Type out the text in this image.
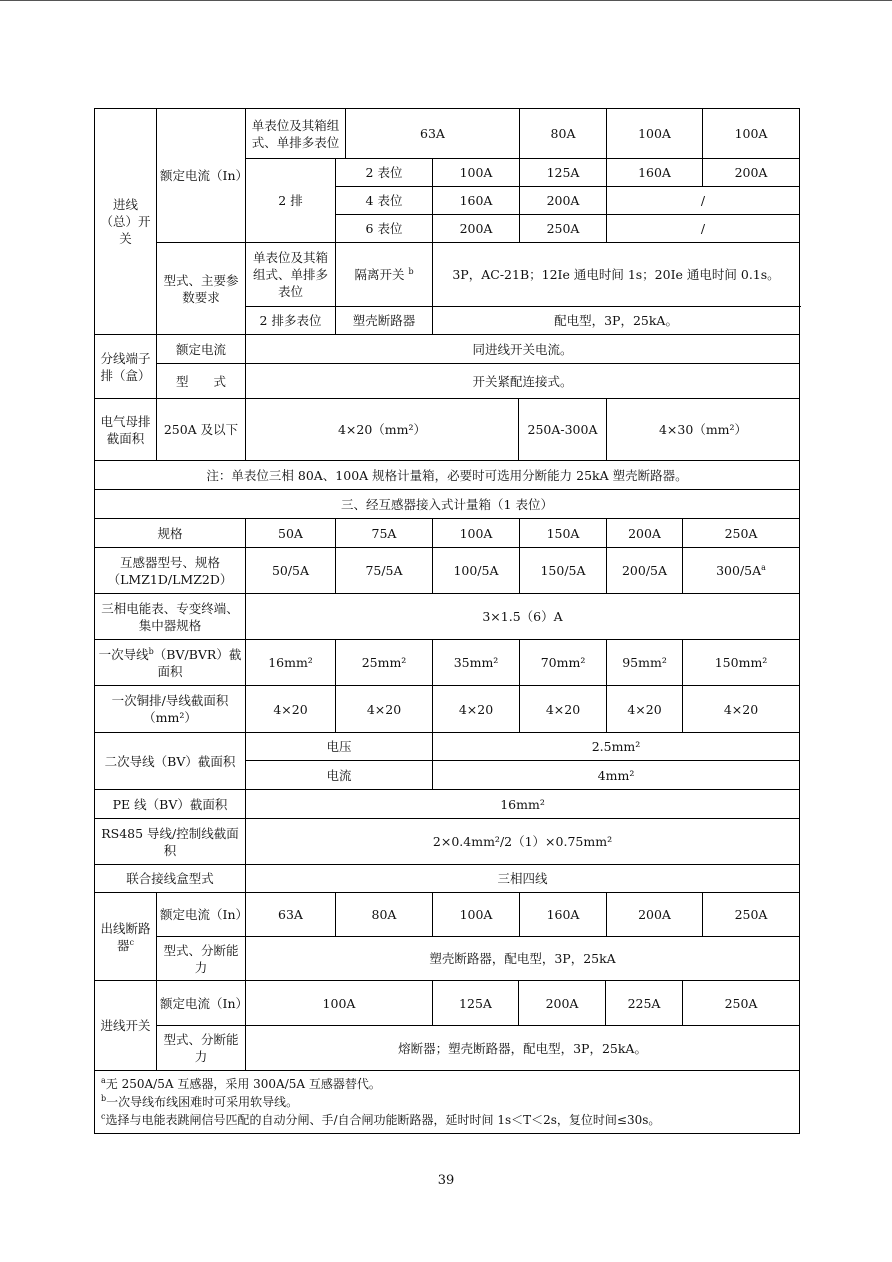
进线（总）开关	额定电流（In）	单表位及其箱组式、单排多表位		63A		80A	100A		100A
		2 排	2 表位		100A	125A	160A		200A
			4 表位		160A	200A	/		
			6 表位		200A	250A	/		
	型式、主要参数要求	单表位及其箱组式、单排多表位	隔离开关 $^b$		3P，AC-21B；12Ie 通电时间 1s；20Ie 通电时间 0.1s。				
		2 排多表位	塑壳断路器		配电型，3P，25kA。				
分线端子排（盒）	额定电流	同进线开关电流。							
	型　　式	开关紧配连接式。							
电气母排截面积	250A 及以下	4×20（mm²）				250A-300A	4×30（mm²）		
注：单表位三相 80A、100A 规格计量箱，必要时可选用分断能力 25kA 塑壳断路器。									
三、经互感器接入式计量箱（1 表位）									
规格		50A	75A		100A	150A	200A	250A	
互感器型号、规格（LMZ1D/LMZ2D）		50/5A	75/5A		100/5A	150/5A	200/5A	$300/5A^a$
三相电能表、专变终端、集中器规格		3×1.5（6）A							
一次导线$^b$（BV/BVR）截面积		16mm²	25mm²		35mm²	70mm²	95mm²	150mm²	
一次铜排/导线截面积（mm²）		4×20	4×20		4×20	4×20	4×20	4×20	
二次导线（BV）截面积		电压			2.5mm²				
		电流			4mm²				
PE 线（BV）截面积		16mm²							
RS485 导线/控制线截面积		2×0.4mm²/2（1）×0.75mm²							
联合接线盒型式		三相四线							
出线断路器$^c$	额定电流（In）	63A	80A		100A	160A	200A		250A
	型式、分断能力	塑壳断路器，配电型，3P，25kA							
进线开关	额定电流（In）	100A			125A	200A	225A	250A	
	型式、分断能力	熔断器；塑壳断路器，配电型，3P，25kA。							

$^a$无 250A/5A 互感器，采用 300A/5A 互感器替代。
$^b$一次导线布线困难时可采用软导线。
$^c$选择与电能表跳闸信号匹配的自动分闸、手/自合闸功能断路器，延时时间 1s＜T＜2s，复位时间≤30s。									
39
